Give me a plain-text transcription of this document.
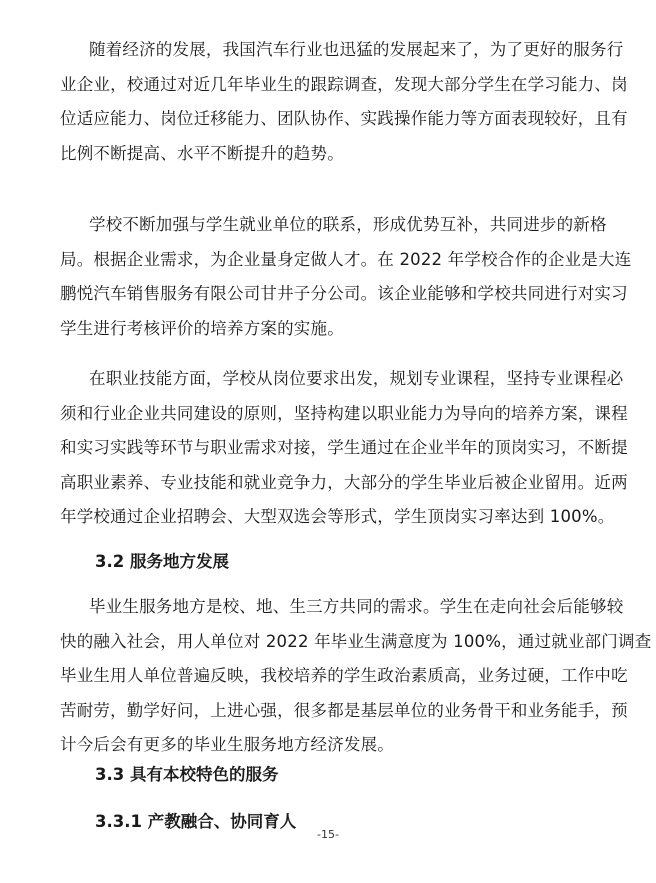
随着经济的发展，我国汽车行业也迅猛的发展起来了，为了更好的服务行
业企业，校通过对近几年毕业生的跟踪调查，发现大部分学生在学习能力、岗
位适应能力、岗位迁移能力、团队协作、实践操作能力等方面表现较好，且有
比例不断提高、水平不断提升的趋势。
学校不断加强与学生就业单位的联系，形成优势互补，共同进步的新格
局。根据企业需求，为企业量身定做人才。在 2022 年学校合作的企业是大连
鹏悦汽车销售服务有限公司甘井子分公司。该企业能够和学校共同进行对实习
学生进行考核评价的培养方案的实施。
在职业技能方面，学校从岗位要求出发，规划专业课程，坚持专业课程必
须和行业企业共同建设的原则，坚持构建以职业能力为导向的培养方案，课程
和实习实践等环节与职业需求对接，学生通过在企业半年的顶岗实习，不断提
高职业素养、专业技能和就业竞争力，大部分的学生毕业后被企业留用。近两
年学校通过企业招聘会、大型双选会等形式，学生顶岗实习率达到 100%。
3.2 服务地方发展
毕业生服务地方是校、地、生三方共同的需求。学生在走向社会后能够较
快的融入社会，用人单位对 2022 年毕业生满意度为 100%，通过就业部门调查
毕业生用人单位普遍反映，我校培养的学生政治素质高，业务过硬，工作中吃
苦耐劳，勤学好问，上进心强，很多都是基层单位的业务骨干和业务能手，预
计今后会有更多的毕业生服务地方经济发展。
3.3 具有本校特色的服务
3.3.1 产教融合、协同育人
-15-
